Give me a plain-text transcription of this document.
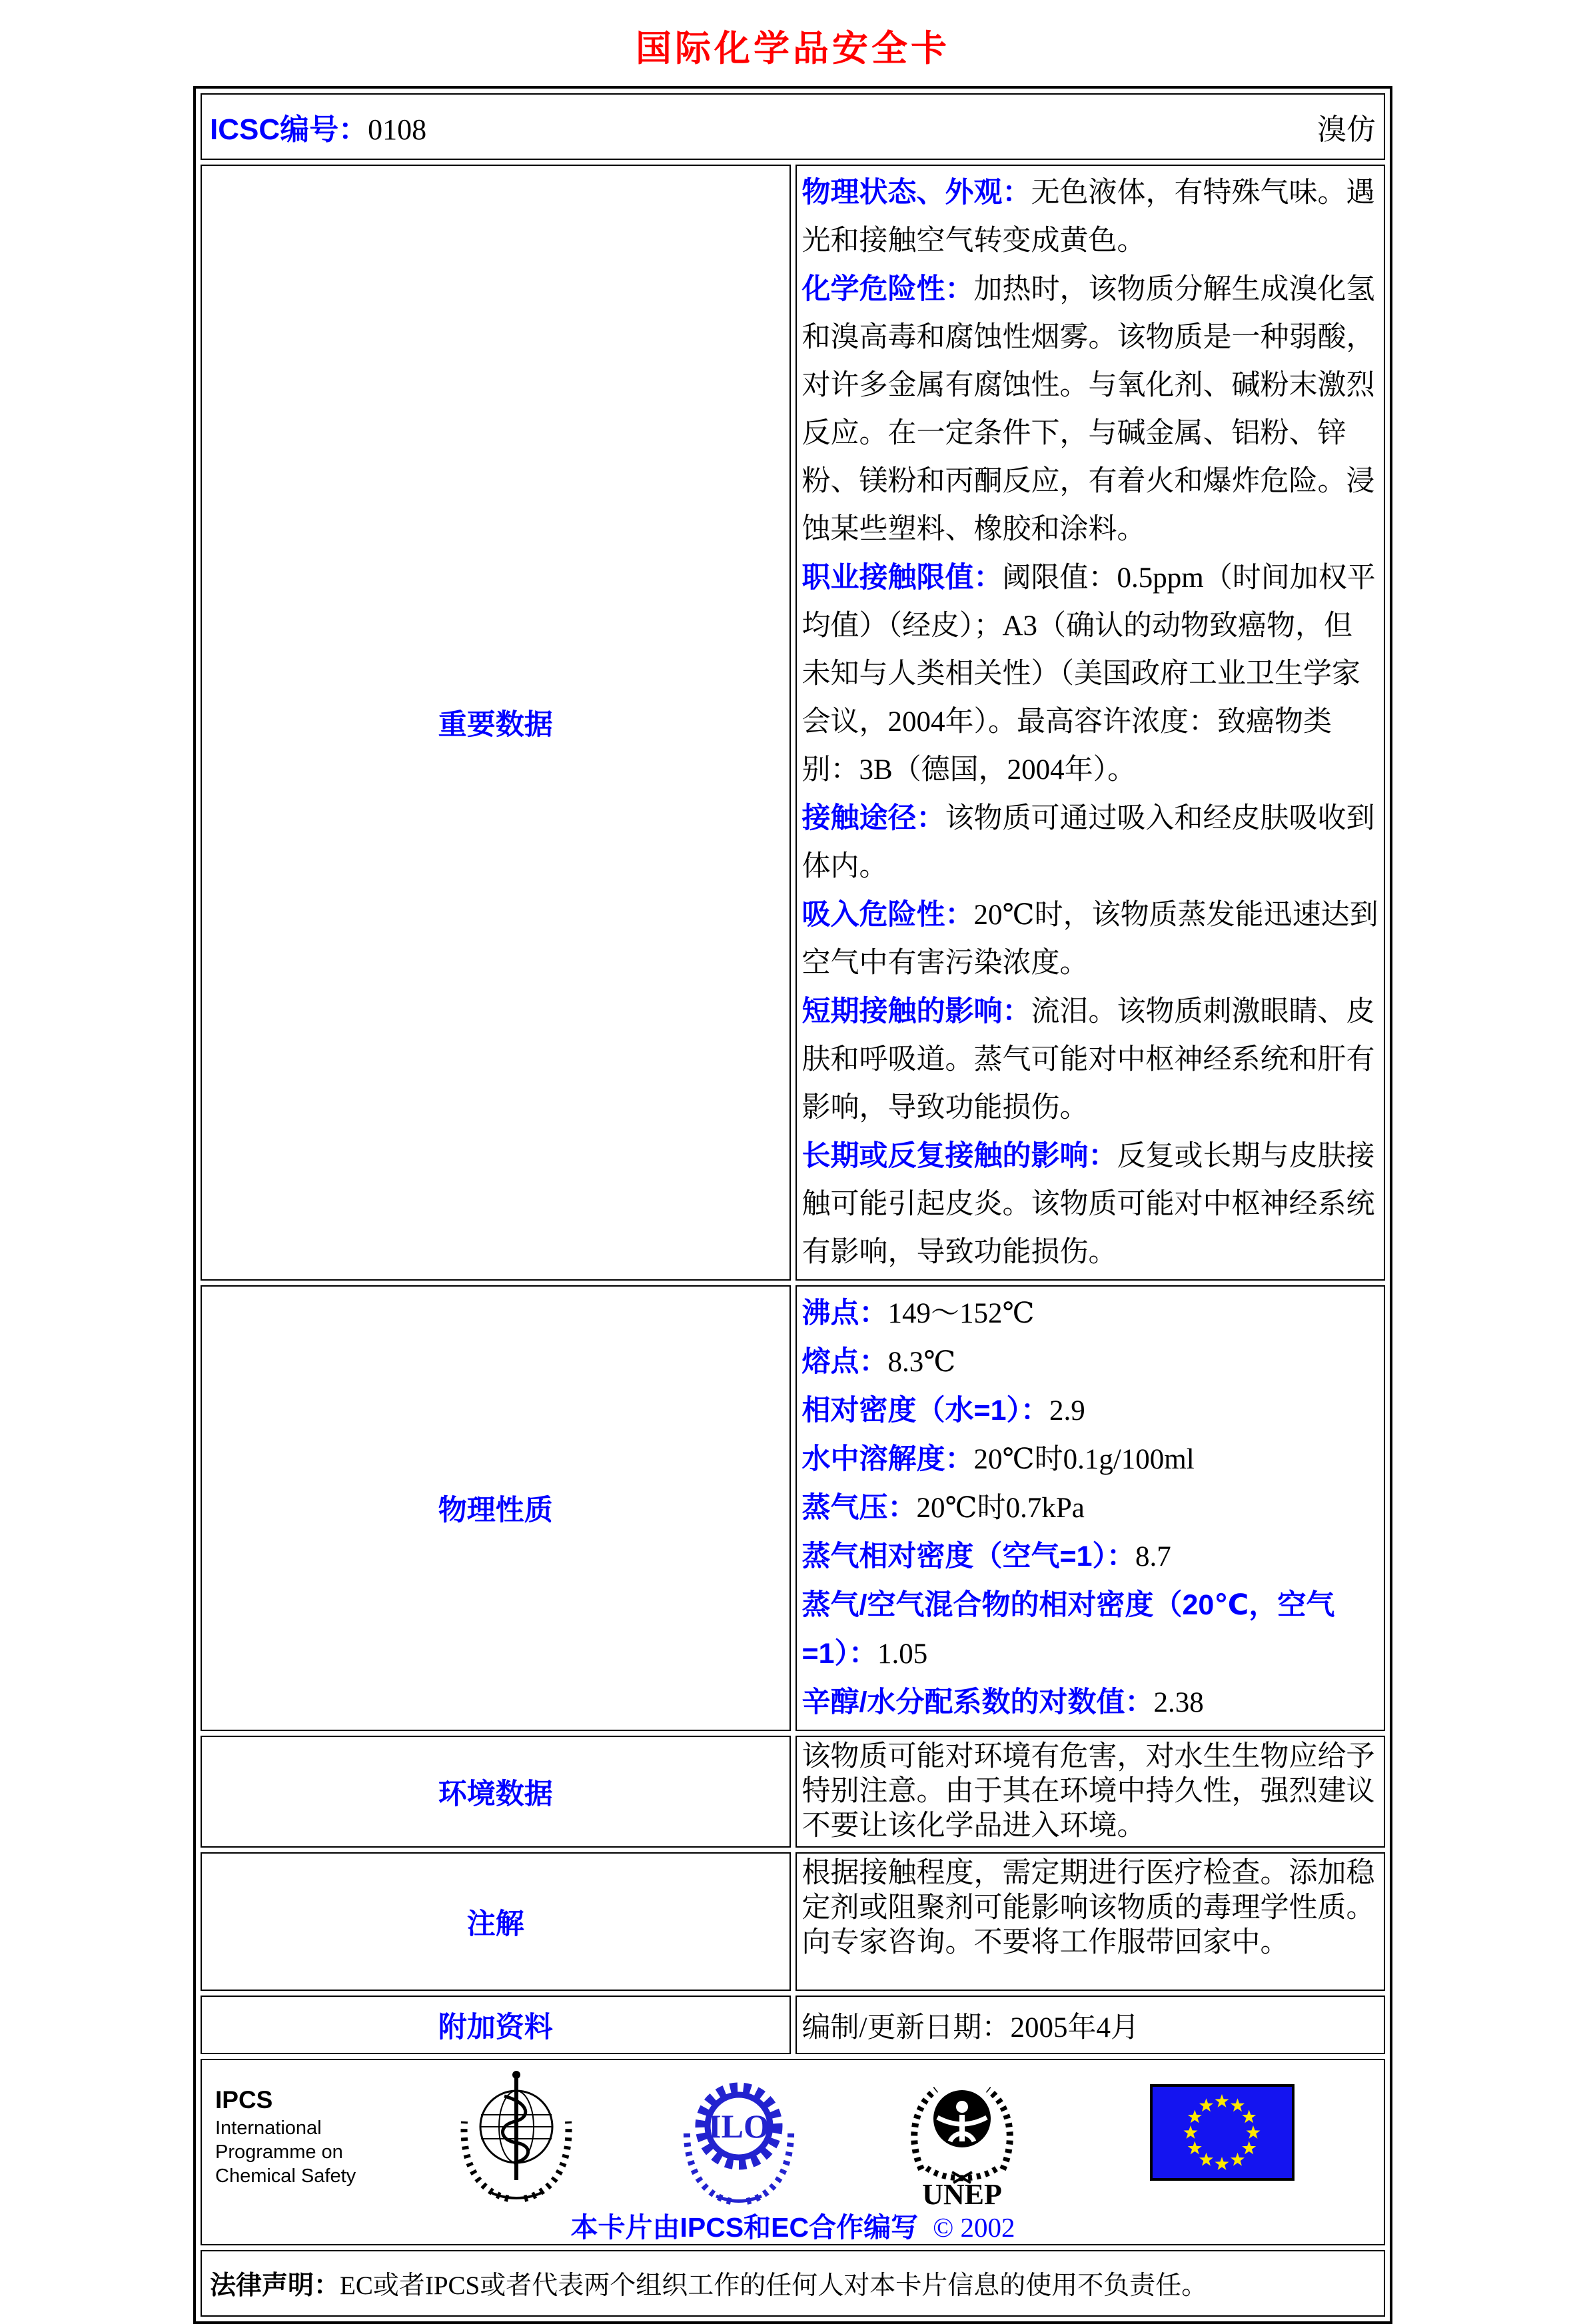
国际化学品安全卡
ICSC编号：0108 溴仿	

重要数据	
物理状态、外观：无色液体，有特殊气味。遇光和接触空气转变成黄色。
化学危险性：加热时，该物质分解生成溴化氢和溴高毒和腐蚀性烟雾。该物质是一种弱酸，对许多金属有腐蚀性。与氧化剂、碱粉末激烈反应。在一定条件下，与碱金属、铝粉、锌粉、镁粉和丙酮反应，有着火和爆炸危险。浸蚀某些塑料、橡胶和涂料。
职业接触限值：阈限值：0.5ppm（时间加权平均值）（经皮）；A3（确认的动物致癌物，但未知与人类相关性）（美国政府工业卫生学家会议，2004年）。最高容许浓度：致癌物类别：3B（德国，2004年）。
接触途径：该物质可通过吸入和经皮肤吸收到体内。
吸入危险性：20℃时，该物质蒸发能迅速达到空气中有害污染浓度。
短期接触的影响：流泪。该物质刺激眼睛、皮肤和呼吸道。蒸气可能对中枢神经系统和肝有影响，导致功能损伤。
长期或反复接触的影响：反复或长期与皮肤接触可能引起皮炎。该物质可能对中枢神经系统有影响，导致功能损伤。

物理性质	
沸点：149～152℃
熔点：8.3℃
相对密度（水=1）：2.9
水中溶解度：20℃时0.1g/100ml
蒸气压：20℃时0.7kPa
蒸气相对密度（空气=1）：8.7
蒸气/空气混合物的相对密度（20℃，空气=1）：1.05
辛醇/水分配系数的对数值：2.38

环境数据	该物质可能对环境有危害，对水生生物应给予特别注意。由于其在环境中持久性，强烈建议不要让该化学品进入环境。

注解	根据接触程度，需定期进行医疗检查。添加稳定剂或阻聚剂可能影响该物质的毒理学性质。向专家咨询。不要将工作服带回家中。

附加资料	编制/更新日期：2005年4月

IPCS
International
Programme on
Chemical Safety
ILO
UNEP
本卡片由IPCS和EC合作编写 © 2002

法律声明：EC或者IPCS或者代表两个组织工作的任何人对本卡片信息的使用不负责任。	
